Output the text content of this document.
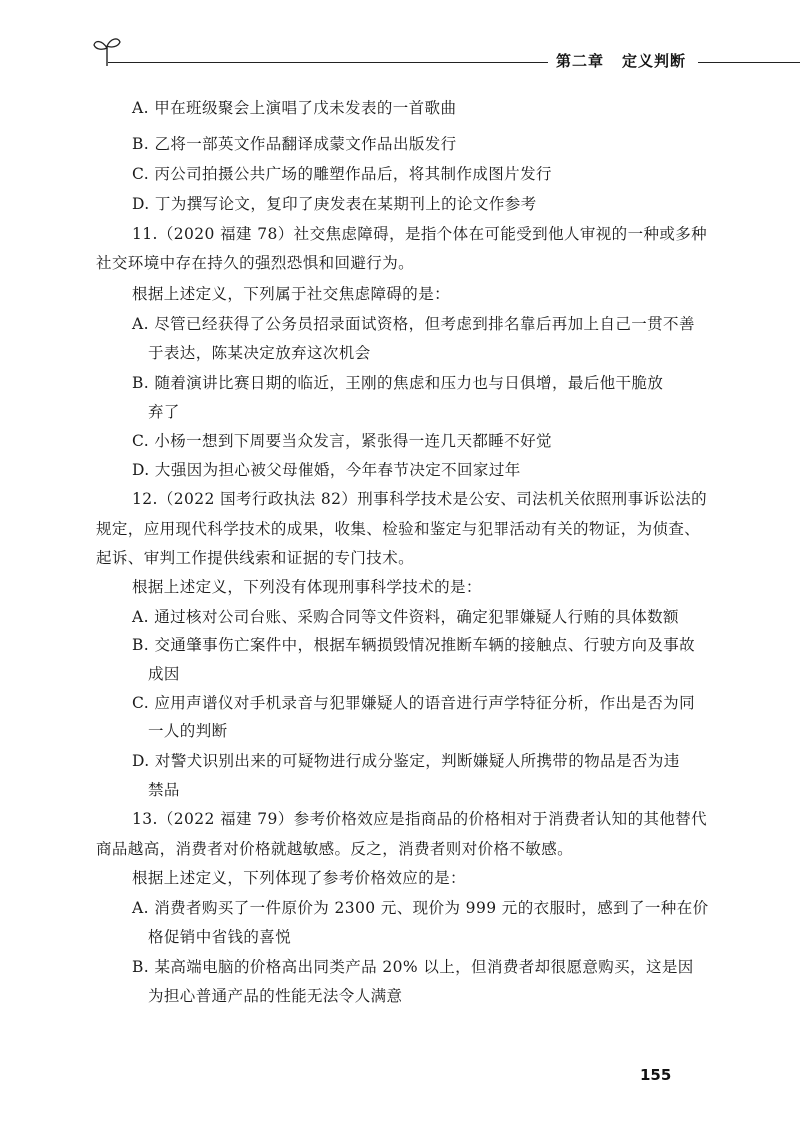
第二章 定义判断
A. 甲在班级聚会上演唱了戊未发表的一首歌曲
B. 乙将一部英文作品翻译成蒙文作品出版发行
C. 丙公司拍摄公共广场的雕塑作品后，将其制作成图片发行
D. 丁为撰写论文，复印了庚发表在某期刊上的论文作参考
11.（2020 福建 78）社交焦虑障碍，是指个体在可能受到他人审视的一种或多种
社交环境中存在持久的强烈恐惧和回避行为。
根据上述定义，下列属于社交焦虑障碍的是：
A. 尽管已经获得了公务员招录面试资格，但考虑到排名靠后再加上自己一贯不善
于表达，陈某决定放弃这次机会
B. 随着演讲比赛日期的临近，王刚的焦虑和压力也与日俱增，最后他干脆放
弃了
C. 小杨一想到下周要当众发言，紧张得一连几天都睡不好觉
D. 大强因为担心被父母催婚，今年春节决定不回家过年
12.（2022 国考行政执法 82）刑事科学技术是公安、司法机关依照刑事诉讼法的
规定，应用现代科学技术的成果，收集、检验和鉴定与犯罪活动有关的物证，为侦查、
起诉、审判工作提供线索和证据的专门技术。
根据上述定义，下列没有体现刑事科学技术的是：
A. 通过核对公司台账、采购合同等文件资料，确定犯罪嫌疑人行贿的具体数额
B. 交通肇事伤亡案件中，根据车辆损毁情况推断车辆的接触点、行驶方向及事故
成因
C. 应用声谱仪对手机录音与犯罪嫌疑人的语音进行声学特征分析，作出是否为同
一人的判断
D. 对警犬识别出来的可疑物进行成分鉴定，判断嫌疑人所携带的物品是否为违
禁品
13.（2022 福建 79）参考价格效应是指商品的价格相对于消费者认知的其他替代
商品越高，消费者对价格就越敏感。反之，消费者则对价格不敏感。
根据上述定义，下列体现了参考价格效应的是：
A. 消费者购买了一件原价为 2300 元、现价为 999 元的衣服时，感到了一种在价
格促销中省钱的喜悦
B. 某高端电脑的价格高出同类产品 20% 以上，但消费者却很愿意购买，这是因
为担心普通产品的性能无法令人满意
155
